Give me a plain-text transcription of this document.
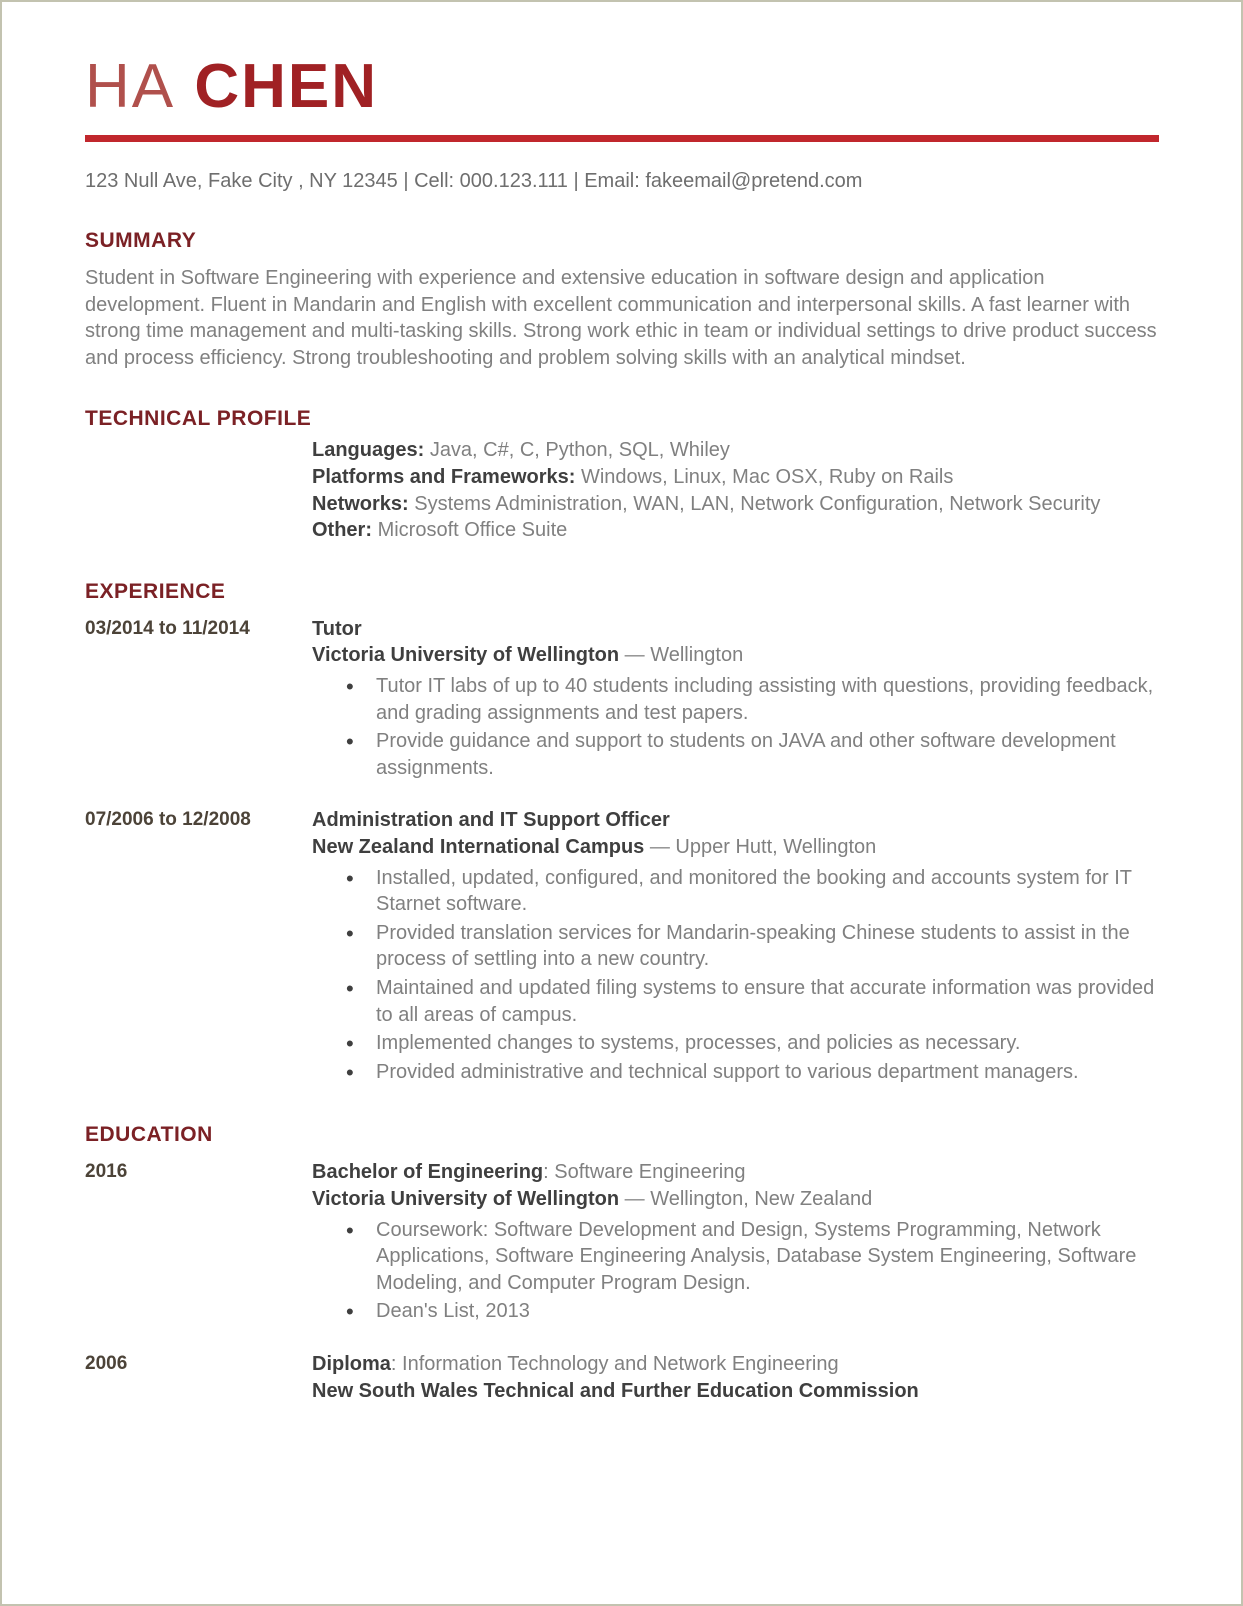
HA CHEN
123 Null Ave, Fake City , NY 12345 | Cell: 000.123.111 | Email: fakeemail@pretend.com
SUMMARY

Student in Software Engineering with experience and extensive education in software design and application development. Fluent in Mandarin and English with excellent communication and interpersonal skills. A fast learner with strong time management and multi-tasking skills. Strong work ethic in team or individual settings to drive product success and process efficiency. Strong troubleshooting and problem solving skills with an analytical mindset.

TECHNICAL PROFILE

Languages: Java, C#, C, Python, SQL, Whiley

Platforms and Frameworks: Windows, Linux, Mac OSX, Ruby on Rails

Networks: Systems Administration, WAN, LAN, Network Configuration, Network Security

Other: Microsoft Office Suite

EXPERIENCE
03/2014 to 11/2014	Tutor

Victoria University of Wellington — Wellington

• Tutor IT labs of up to 40 students including assisting with questions, providing feedback, and grading assignments and test papers.
• Provide guidance and support to students on JAVA and other software development assignments.
07/2006 to 12/2008	Administration and IT Support Officer

New Zealand International Campus — Upper Hutt, Wellington

• Installed, updated, configured, and monitored the booking and accounts system for IT Starnet software.
• Provided translation services for Mandarin-speaking Chinese students to assist in the process of settling into a new country.
• Maintained and updated filing systems to ensure that accurate information was provided to all areas of campus.
• Implemented changes to systems, processes, and policies as necessary.
• Provided administrative and technical support to various department managers.
EDUCATION
2016	Bachelor of Engineering: Software Engineering

Victoria University of Wellington — Wellington, New Zealand

• Coursework: Software Development and Design, Systems Programming, Network Applications, Software Engineering Analysis, Database System Engineering, Software Modeling, and Computer Program Design.
• Dean's List, 2013
2006	Diploma: Information Technology and Network Engineering

New South Wales Technical and Further Education Commission
